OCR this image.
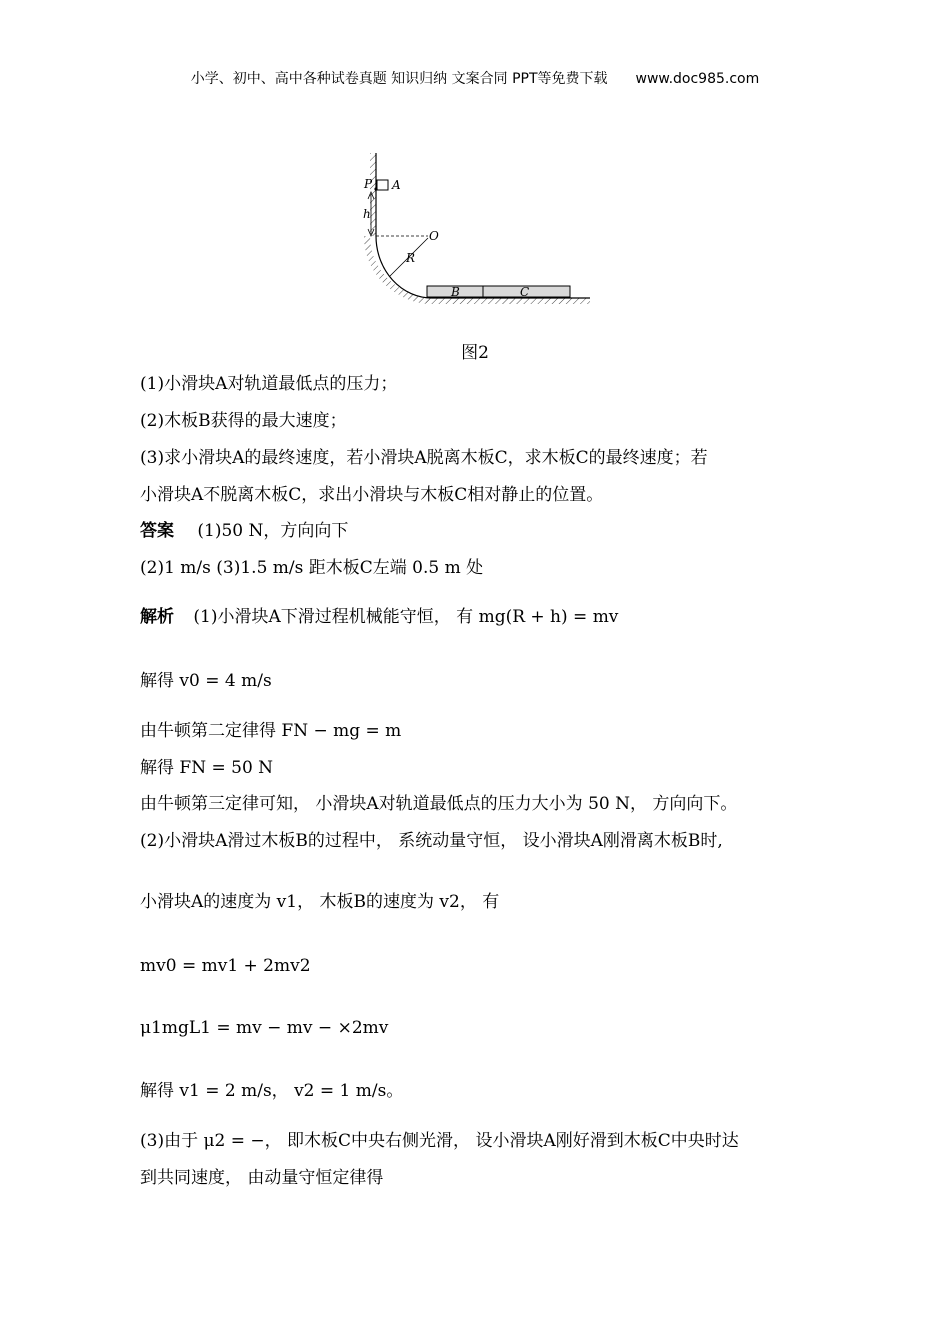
小学、初中、高中各种试卷真题 知识归纳 文案合同 PPT等免费下载 www.doc985.com
P A
h
O
R
B	C
图2
(1)小滑块A对轨道最低点的压力；
(2)木板B获得的最大速度；
(3)求小滑块A的最终速度，若小滑块A脱离木板C，求木板C的最终速度；若
小滑块A不脱离木板C，求出小滑块与木板C相对静止的位置。
答案 (1)50 N，方向向下
(2)1 m/s (3)1.5 m/s 距木板C左端 0.5 m 处
解析 (1)小滑块A下滑过程机械能守恒， 有 mg(R + h) = mv
解得 v0 = 4 m/s
由牛顿第二定律得 FN − mg = m
解得 FN = 50 N
由牛顿第三定律可知， 小滑块A对轨道最低点的压力大小为 50 N， 方向向下。
(2)小滑块A滑过木板B的过程中， 系统动量守恒， 设小滑块A刚滑离木板B时,
小滑块A的速度为 v1， 木板B的速度为 v2， 有
mv0 = mv1 + 2mv2
μ1mgL1 = mv − mv − ×2mv
解得 v1 = 2 m/s， v2 = 1 m/s。
(3)由于 μ2 = −， 即木板C中央右侧光滑， 设小滑块A刚好滑到木板C中央时达
到共同速度， 由动量守恒定律得
